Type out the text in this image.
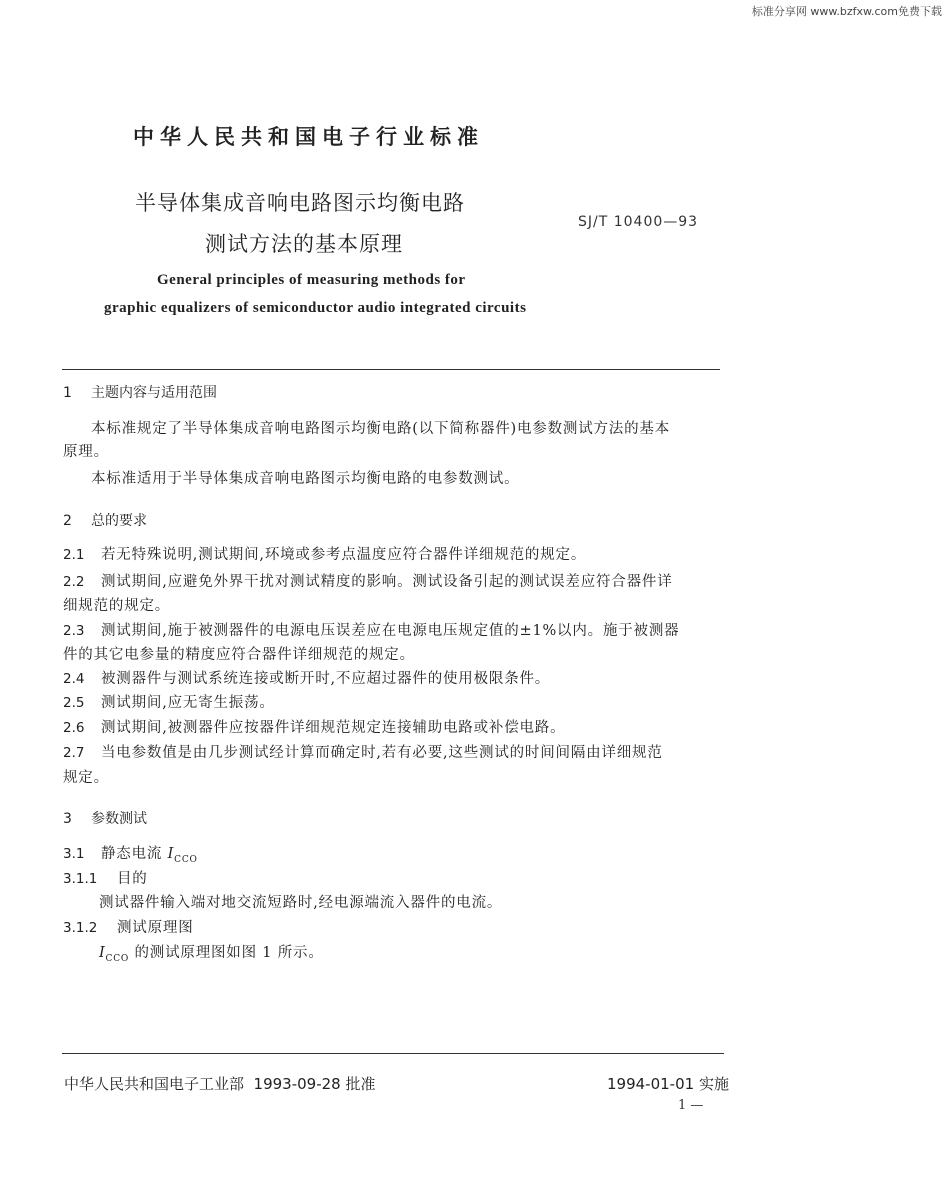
标准分享网 www.bzfxw.com免费下载
中华人民共和国电子行业标准
半导体集成音响电路图示均衡电路
测试方法的基本原理
SJ/T 10400—93
General principles of measuring methods for
graphic equalizers of semiconductor audio integrated circuits
1 主题内容与适用范围
本标准规定了半导体集成音响电路图示均衡电路(以下简称器件)电参数测试方法的基本
原理。
本标准适用于半导体集成音响电路图示均衡电路的电参数测试。
2 总的要求
2.1 若无特殊说明,测试期间,环境或参考点温度应符合器件详细规范的规定。
2.2 测试期间,应避免外界干扰对测试精度的影响。测试设备引起的测试误差应符合器件详
细规范的规定。
2.3 测试期间,施于被测器件的电源电压误差应在电源电压规定值的±1%以内。施于被测器
件的其它电参量的精度应符合器件详细规范的规定。
2.4 被测器件与测试系统连接或断开时,不应超过器件的使用极限条件。
2.5 测试期间,应无寄生振荡。
2.6 测试期间,被测器件应按器件详细规范规定连接辅助电路或补偿电路。
2.7 当电参数值是由几步测试经计算而确定时,若有必要,这些测试的时间间隔由详细规范
规定。
3 参数测试
3.1 静态电流 $I_{CCO}$
3.1.1 目的
测试器件输入端对地交流短路时,经电源端流入器件的电流。
3.1.2 测试原理图
$I_{CCO}$ 的测试原理图如图 1 所示。
中华人民共和国电子工业部  1993-09-28 批准	1994-01-01 实施
1 —
